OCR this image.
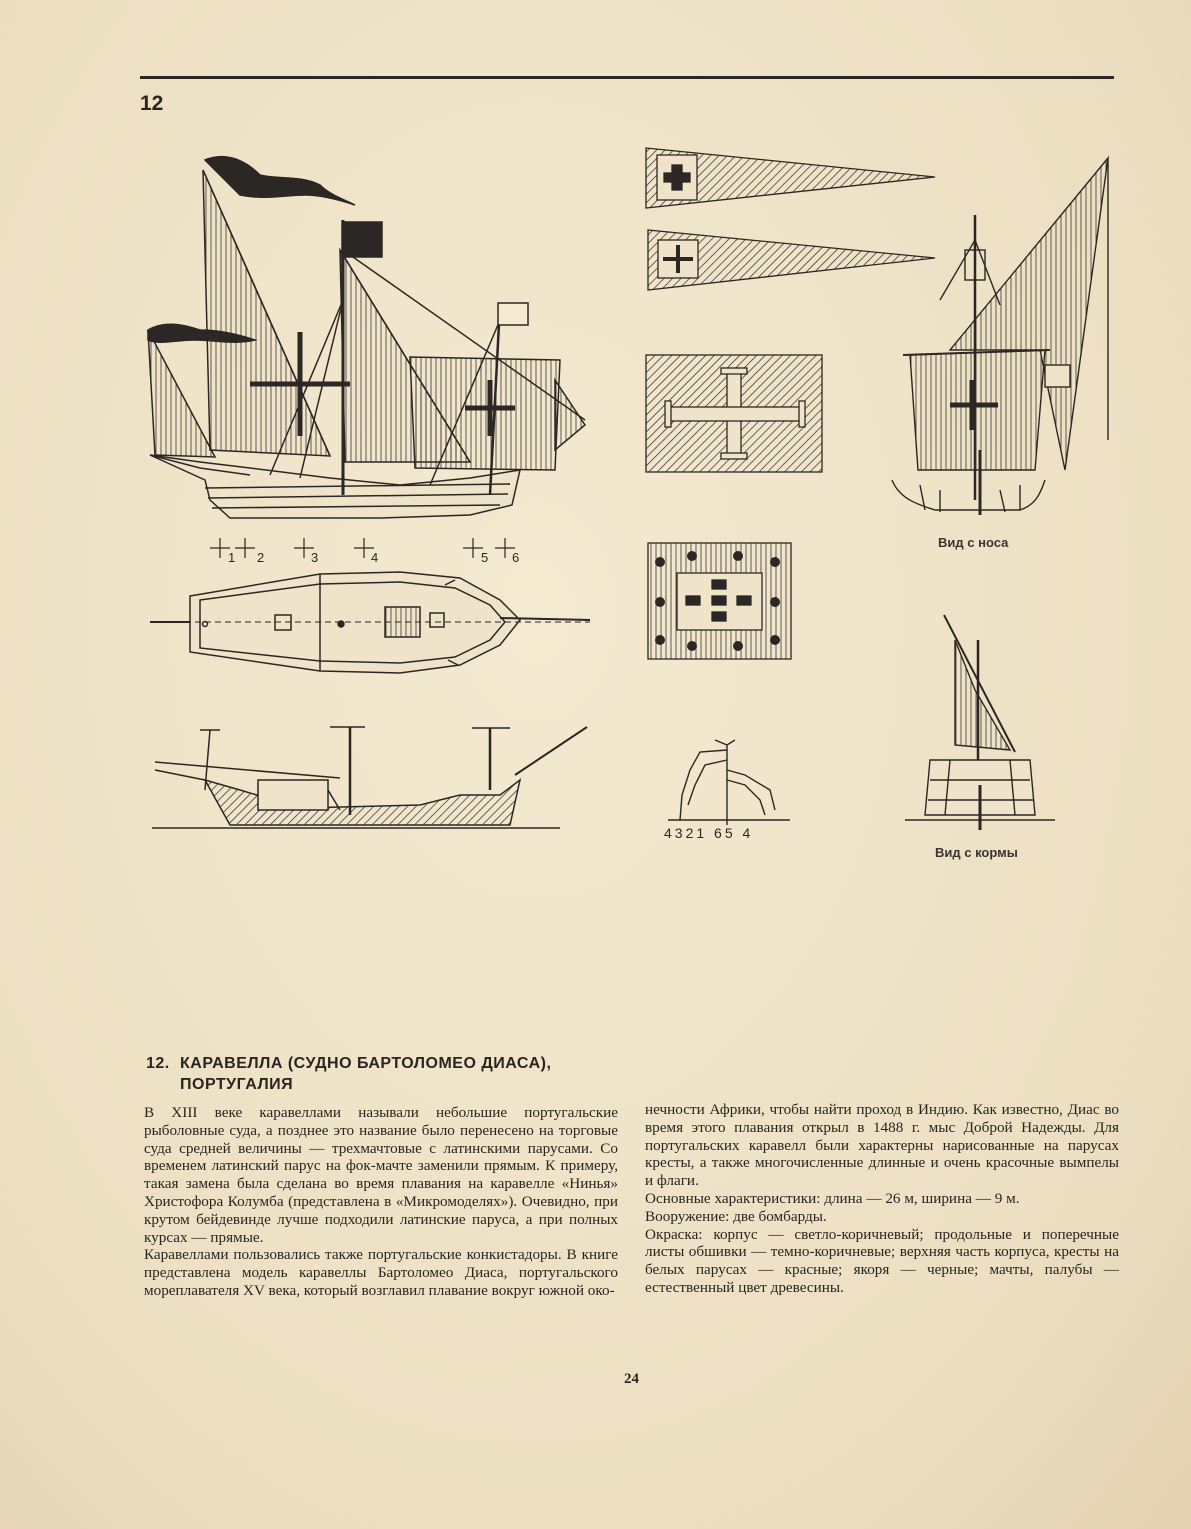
12
1 2	3	4	5 6
4321 65 4
Вид с носа
Вид с кормы
12. КАРАВЕЛЛА (СУДНО БАРТОЛОМЕО ДИАСА),
ПОРТУГАЛИЯ

В XIII веке каравеллами называли небольшие португальские рыболовные суда, а позднее это название было перенесено на торговые суда средней величины — трехмачтовые с латинскими парусами. Со временем латинский парус на фок-мачте заменили прямым. К примеру, такая замена была сделана во время плавания на каравелле «Нинья» Христофора Колумба (представлена в «Микромоделях»). Очевидно, при крутом бейдевинде лучше подходили латинские паруса, а при полных курсах — прямые.

Каравеллами пользовались также португальские конкистадоры. В книге представлена модель каравеллы Бартоломео Диаса, португальского мореплавателя XV века, который возглавил плавание вокруг южной око-

нечности Африки, чтобы найти проход в Индию. Как известно, Диас во время этого плавания открыл в 1488 г. мыс Доброй Надежды. Для португальских каравелл были характерны нарисованные на парусах кресты, а также многочисленные длинные и очень красочные вымпелы и флаги.

Основные характеристики: длина — 26 м, ширина — 9 м.

Вооружение: две бомбарды.

Окраска: корпус — светло-коричневый; продольные и поперечные листы обшивки — темно-коричневые; верхняя часть корпуса, кресты на белых парусах — красные; якоря — черные; мачты, палубы — естественный цвет древесины.

24
